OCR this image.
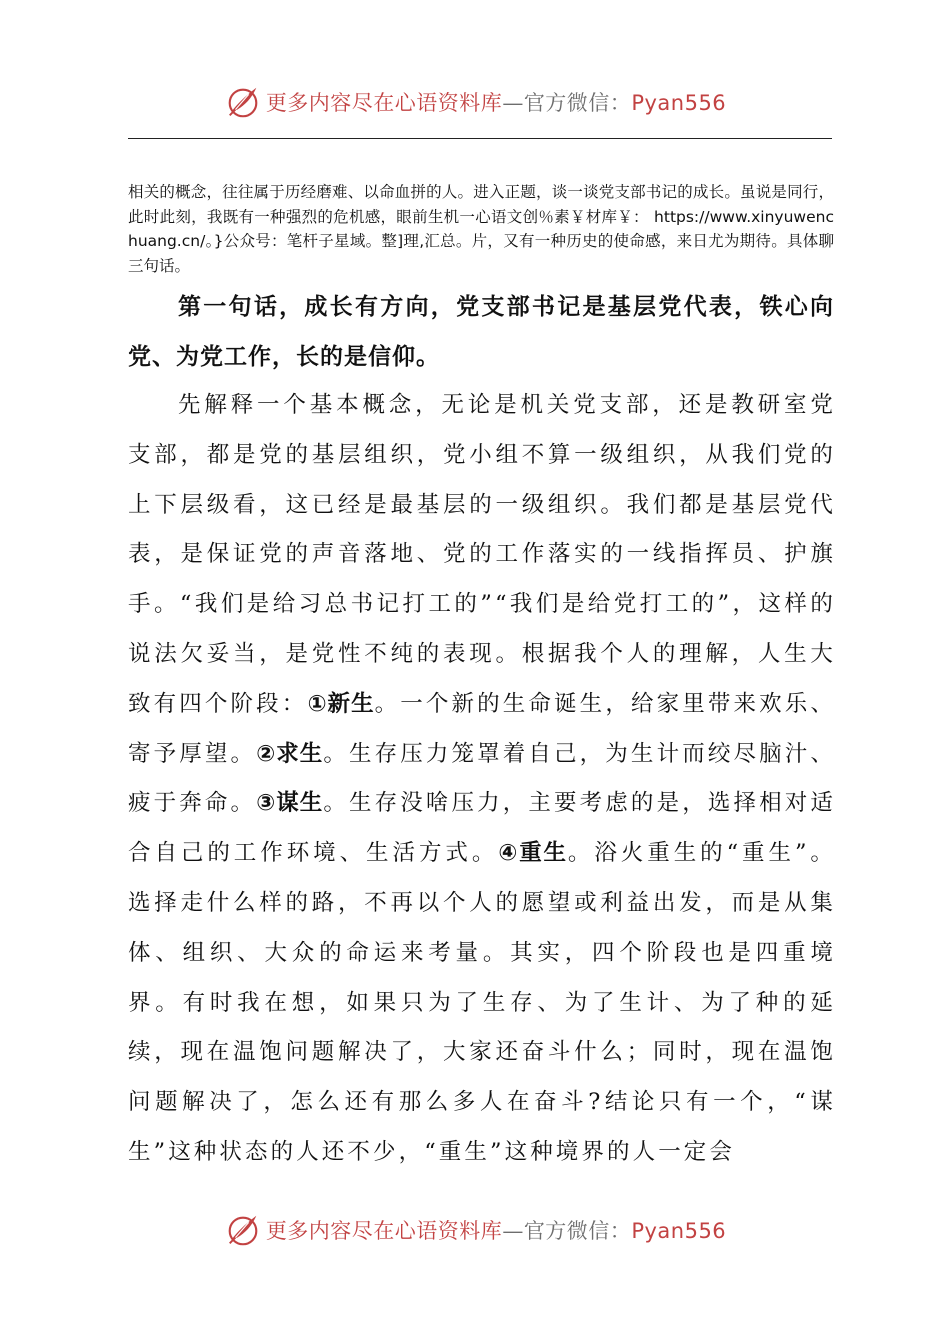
更多内容尽在心语资料库—官方微信：Pyan556

相关的概念，往往属于历经磨难、以命血拼的人。进入正题，谈一谈党支部书记的成长。虽说是同行，此时此刻，我既有一种强烈的危机感，眼前生机一心语文创％素￥材库￥： https://www.xinyuwenchuang.cn/。}公众号：笔杆子星域。整]理,汇总。片，又有一种历史的使命感，来日尤为期待。具体聊三句话。

第一句话，成长有方向，党支部书记是基层党代表，铁心向党、为党工作，长的是信仰。

先解释一个基本概念，无论是机关党支部，还是教研室党支部，都是党的基层组织，党小组不算一级组织，从我们党的上下层级看，这已经是最基层的一级组织。我们都是基层党代表，是保证党的声音落地、党的工作落实的一线指挥员、护旗手。“我们是给习总书记打工的”“我们是给党打工的”，这样的说法欠妥当，是党性不纯的表现。根据我个人的理解，人生大致有四个阶段：①新生。一个新的生命诞生，给家里带来欢乐、寄予厚望。②求生。生存压力笼罩着自己，为生计而绞尽脑汁、疲于奔命。③谋生。生存没啥压力，主要考虑的是，选择相对适合自己的工作环境、生活方式。④重生。浴火重生的“重生”。选择走什么样的路，不再以个人的愿望或利益出发，而是从集体、组织、大众的命运来考量。其实，四个阶段也是四重境界。有时我在想，如果只为了生存、为了生计、为了种的延续，现在温饱问题解决了，大家还奋斗什么；同时，现在温饱问题解决了，怎么还有那么多人在奋斗?结论只有一个，“谋生”这种状态的人还不少，“重生”这种境界的人一定会

更多内容尽在心语资料库—官方微信：Pyan556
